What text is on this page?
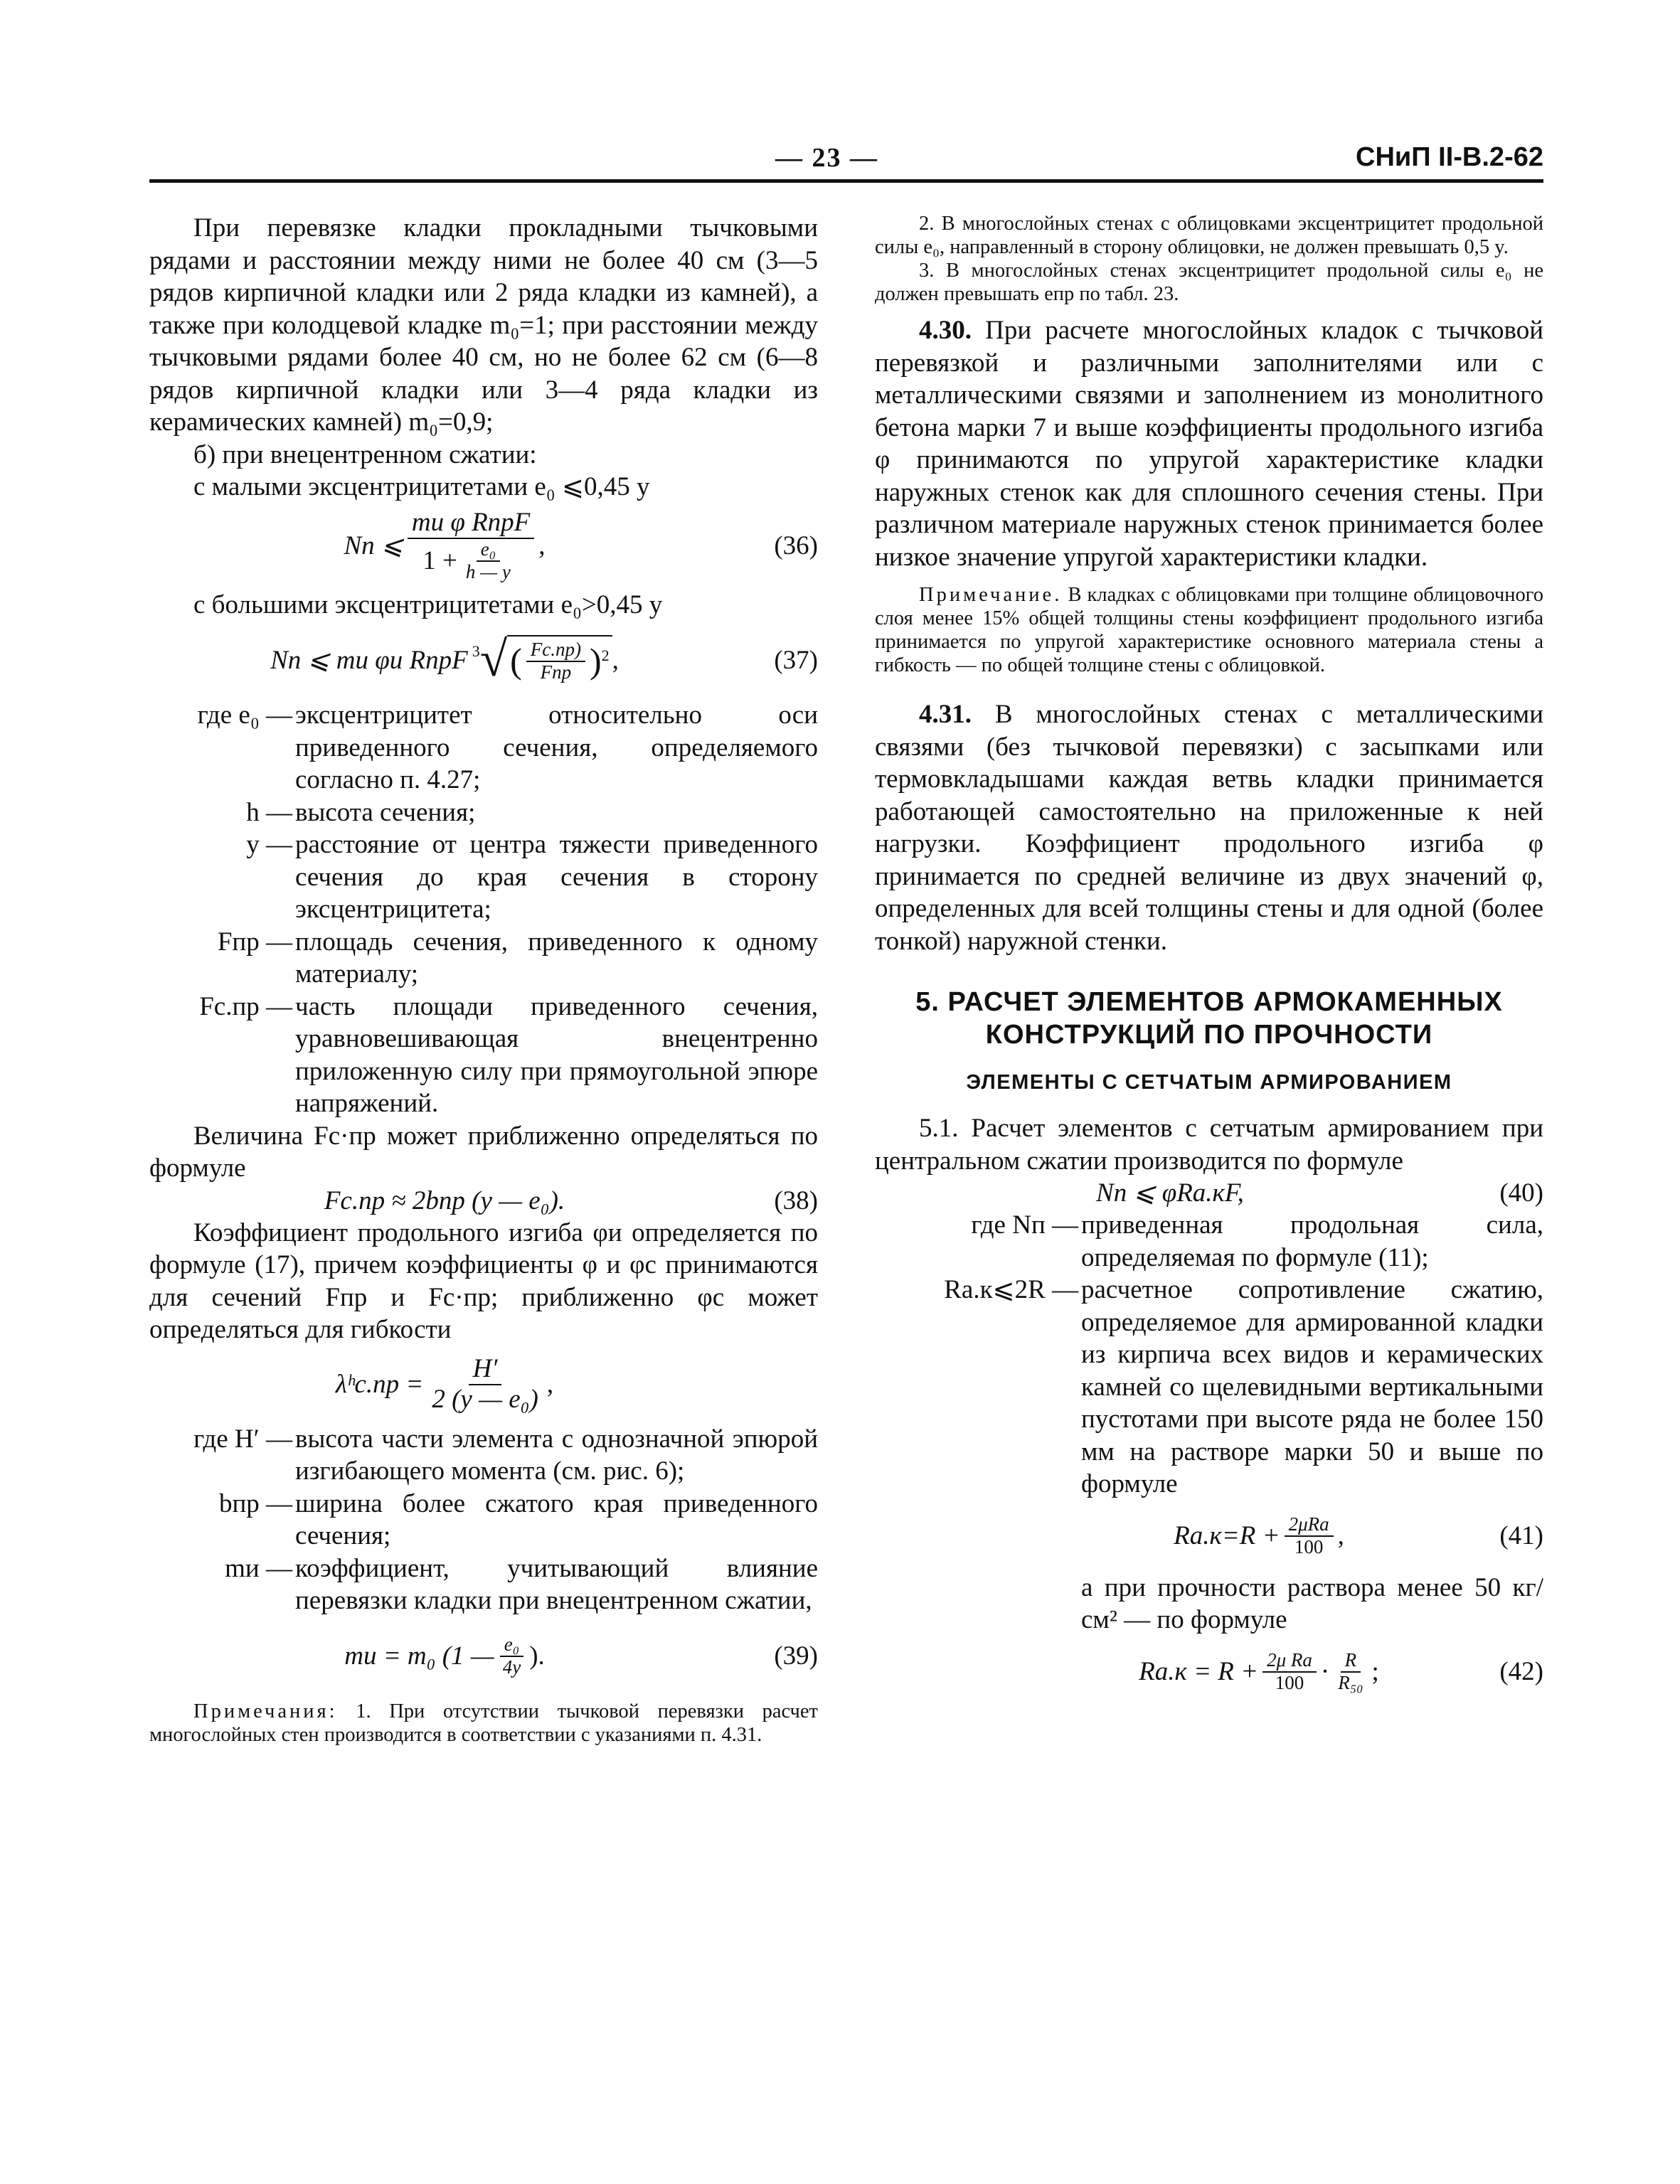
— 23 —	СНиП II-В.2-62

При перевязке кладки прокладными тычковыми рядами и расстоянии между ними не более 40 см (3—5 рядов кирпичной кладки или 2 ряда кладки из камней), а также при колодцевой кладке m₀=1; при расстоянии между тычковыми рядами более 40 см, но не более 62 см (6—8 рядов кирпичной кладки или 3—4 ряда кладки из керамических камней) m₀=0,9;

б) при внецентренном сжатии:

с малыми эксцентрицитетами e₀ ⩽0,45 y

Nп ⩽ $\frac{\text{mи φ RпрF}}{1 + \frac{\text{e₀}}{h — y}}$ ,	(36)

с большими эксцентрицитетами e₀>0,45 y

Nп ⩽ mи φи RпрF 3 √ ( $\frac{Fс.пр)}{\text{Fпр}} )^2$ ,	(37)
где e₀ — эксцентрицитет относительно оси приведенного сечения, определяемого согласно п. 4.27;
h — высота сечения;
y — расстояние от центра тяжести приведенного сечения до края сечения в сторону эксцентрицитета;
Fпр — площадь сечения, приведенного к одному материалу;
Fс.пр — часть площади приведенного сечения, уравновешивающая внецентренно приложенную силу при прямоугольной эпюре напряжений.

Величина Fс·пр может приближенно определяться по формуле

Fс.пр ≈ 2bпр (y — e₀).	(38)

Коэффициент продольного изгиба φи определяется по формуле (17), причем коэффициенты φ и φс принимаются для сечений Fпр и Fс·пр; приближенно φс может определяться для гибкости

λʰс.пр = $\frac{H'}{\text{2 (y — e₀)}}$ ,
где H′ — высота части элемента с однозначной эпюрой изгибающего момента (см. рис. 6);
bпр — ширина более сжатого края приведенного сечения;
mи — коэффициент, учитывающий влияние перевязки кладки при внецентренном сжатии,
mи = m₀ (1 — $\frac{\text{e₀}}{4y}$ ).	(39)

Примечания: 1. При отсутствии тычковой перевязки расчет многослойных стен производится в соответствии с указаниями п. 4.31.

2. В многослойных стенах с облицовками эксцентрицитет продольной силы e₀, направленный в сторону облицовки, не должен превышать 0,5 y.

3. В многослойных стенах эксцентрицитет продольной силы e₀ не должен превышать eпр по табл. 23.

4.30. При расчете многослойных кладок с тычковой перевязкой и различными заполнителями или с металлическими связями и заполнением из монолитного бетона марки 7 и выше коэффициенты продольного изгиба φ принимаются по упругой характеристике кладки наружных стенок как для сплошного сечения стены. При различном материале наружных стенок принимается более низкое значение упругой характеристики кладки.

Примечание. В кладках с облицовками при толщине облицовочного слоя менее 15% общей толщины стены коэффициент продольного изгиба принимается по упругой характеристике основного материала стены а гибкость — по общей толщине стены с облицовкой.

4.31. В многослойных стенах с металлическими связями (без тычковой перевязки) с засыпками или термовкладышами каждая ветвь кладки принимается работающей самостоятельно на приложенные к ней нагрузки. Коэффициент продольного изгиба φ принимается по средней величине из двух значений φ, определенных для всей толщины стены и для одной (более тонкой) наружной стенки.

5. РАСЧЕТ ЭЛЕМЕНТОВ АРМОКАМЕННЫХ
КОНСТРУКЦИЙ ПО ПРОЧНОСТИ
ЭЛЕМЕНТЫ С СЕТЧАТЫМ АРМИРОВАНИЕМ

5.1. Расчет элементов с сетчатым армированием при центральном сжатии производится по формуле

Nп ⩽ φRа.кF,	(40)
где Nп — приведенная продольная сила, определяемая по формуле (11);
Rа.к⩽2R — расчетное сопротивление сжатию, определяемое для армированной кладки из кирпича всех видов и керамических камней со щелевидными вертикальными пустотами при высоте ряда не более 150 мм на растворе марки 50 и выше по формуле
$Rа.к=R + \frac{\text{2μRа}}{100}$ ,	(41)

а при прочности раствора менее 50 кг/см² — по формуле

$Rа.к = R + \frac{\text{2μ Rа}}{100} \cdot \frac{R}{\text{R₅₀}}$ ;	(42)
